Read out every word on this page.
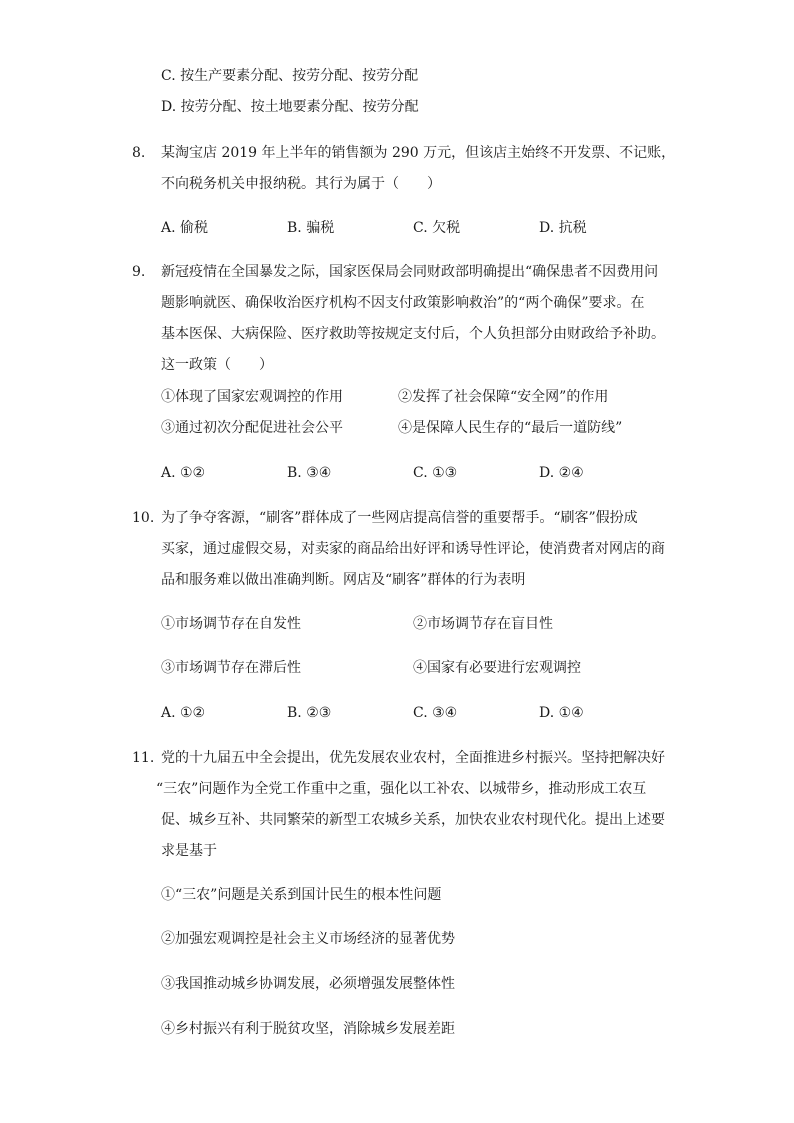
C. 按生产要素分配、按劳分配、按劳分配
D. 按劳分配、按土地要素分配、按劳分配
8. 某淘宝店 2019 年上半年的销售额为 290 万元，但该店主始终不开发票、不记账，
不向税务机关申报纳税。其行为属于（　　）
A. 偷税	B. 骗税	C. 欠税	D. 抗税
9. 新冠疫情在全国暴发之际，国家医保局会同财政部明确提出“确保患者不因费用问
题影响就医、确保收治医疗机构不因支付政策影响救治”的“两个确保”要求。在
基本医保、大病保险、医疗救助等按规定支付后，个人负担部分由财政给予补助。
这一政策（　　）
①体现了国家宏观调控的作用	②发挥了社会保障“安全网”的作用
③通过初次分配促进社会公平	④是保障人民生存的“最后一道防线”
A. ①②	B. ③④	C. ①③	D. ②④
10. 为了争夺客源，“刷客”群体成了一些网店提高信誉的重要帮手。“刷客”假扮成
买家，通过虚假交易，对卖家的商品给出好评和诱导性评论，使消费者对网店的商
品和服务难以做出准确判断。网店及“刷客”群体的行为表明
①市场调节存在自发性	②市场调节存在盲目性
③市场调节存在滞后性	④国家有必要进行宏观调控
A. ①②	B. ②③	C. ③④	D. ①④
11. 党的十九届五中全会提出，优先发展农业农村，全面推进乡村振兴。坚持把解决好
“三农”问题作为全党工作重中之重，强化以工补农、以城带乡，推动形成工农互
促、城乡互补、共同繁荣的新型工农城乡关系，加快农业农村现代化。提出上述要
求是基于
①“三农”问题是关系到国计民生的根本性问题
②加强宏观调控是社会主义市场经济的显著优势
③我国推动城乡协调发展，必须增强发展整体性
④乡村振兴有利于脱贫攻坚，消除城乡发展差距
